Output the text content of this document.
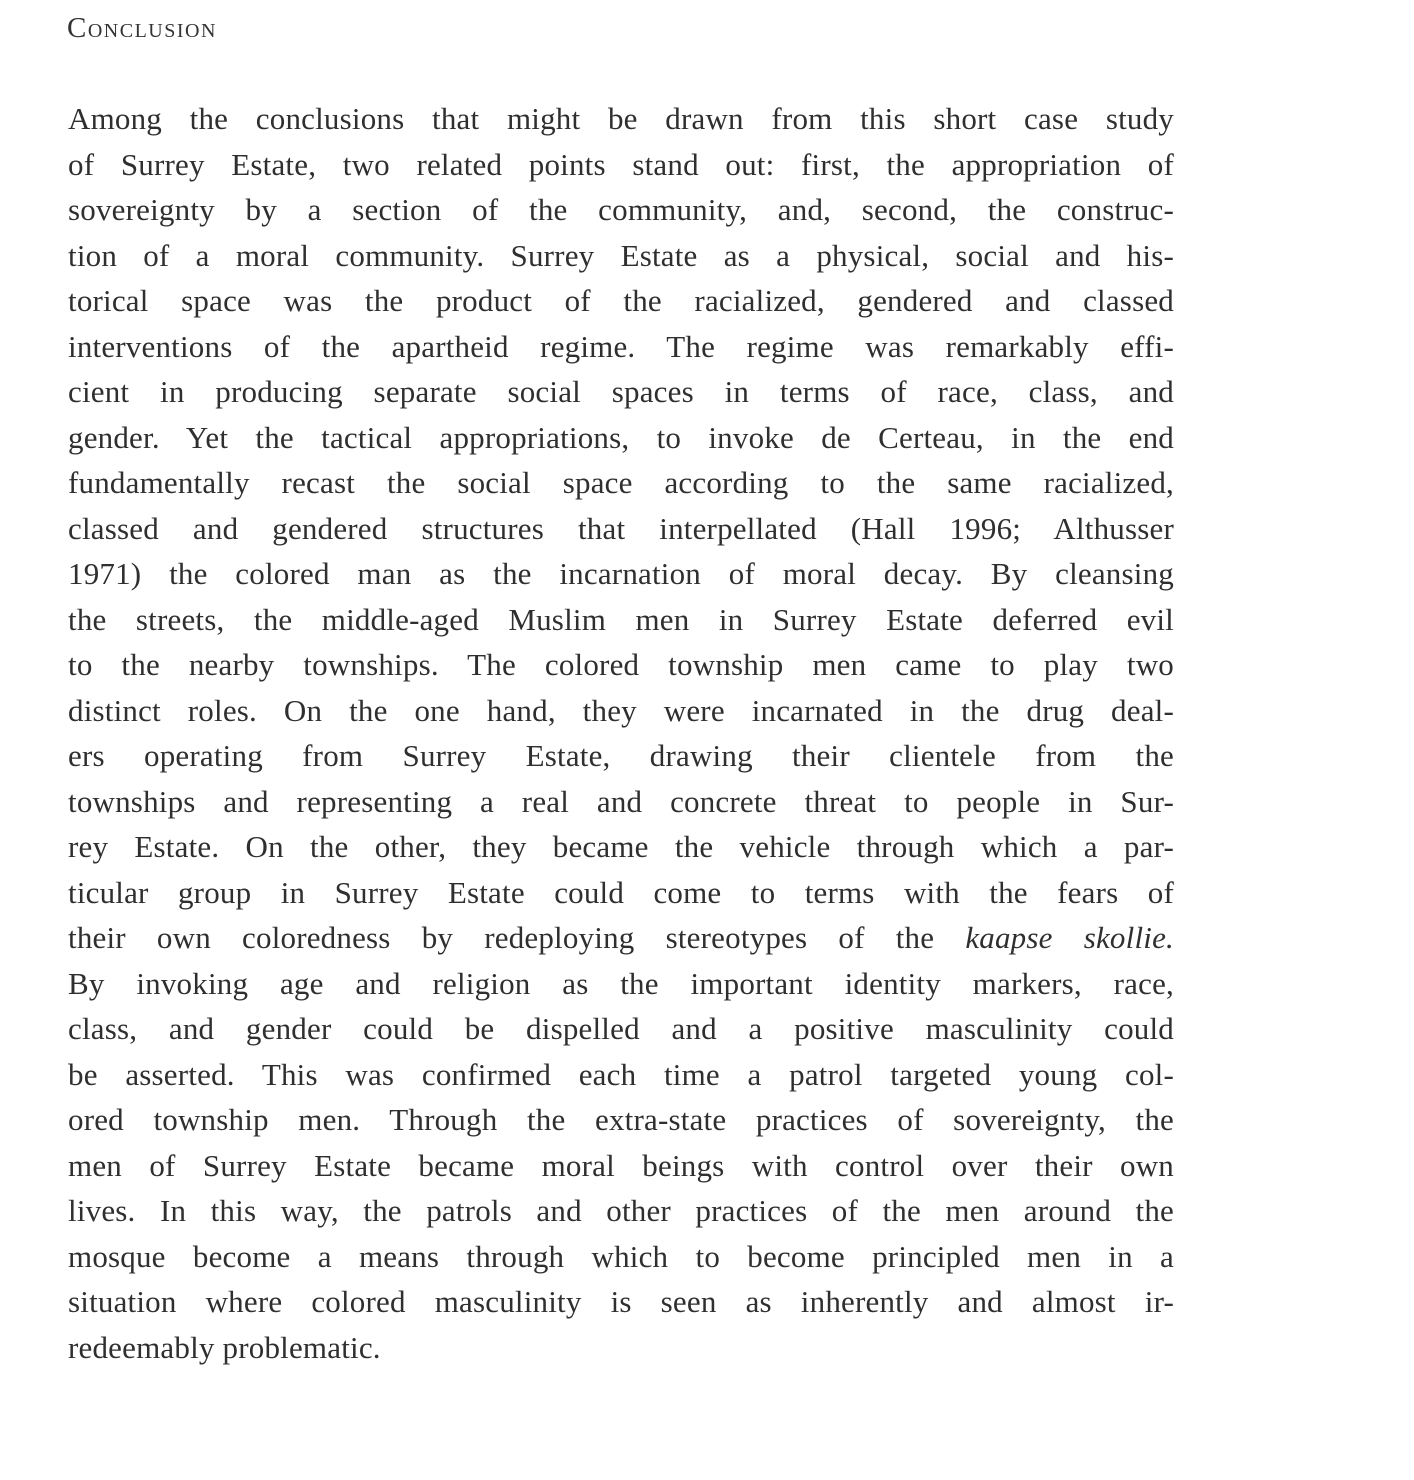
Conclusion
Among the conclusions that might be drawn from this short case study
of Surrey Estate, two related points stand out: first, the appropriation of
sovereignty by a section of the community, and, second, the construc-
tion of a moral community. Surrey Estate as a physical, social and his-
torical space was the product of the racialized, gendered and classed
interventions of the apartheid regime. The regime was remarkably effi-
cient in producing separate social spaces in terms of race, class, and
gender. Yet the tactical appropriations, to invoke de Certeau, in the end
fundamentally recast the social space according to the same racialized,
classed and gendered structures that interpellated (Hall 1996; Althusser
1971) the colored man as the incarnation of moral decay. By cleansing
the streets, the middle-aged Muslim men in Surrey Estate deferred evil
to the nearby townships. The colored township men came to play two
distinct roles. On the one hand, they were incarnated in the drug deal-
ers operating from Surrey Estate, drawing their clientele from the
townships and representing a real and concrete threat to people in Sur-
rey Estate. On the other, they became the vehicle through which a par-
ticular group in Surrey Estate could come to terms with the fears of
their own coloredness by redeploying stereotypes of the kaapse skollie.
By invoking age and religion as the important identity markers, race,
class, and gender could be dispelled and a positive masculinity could
be asserted. This was confirmed each time a patrol targeted young col-
ored township men. Through the extra-state practices of sovereignty, the
men of Surrey Estate became moral beings with control over their own
lives. In this way, the patrols and other practices of the men around the
mosque become a means through which to become principled men in a
situation where colored masculinity is seen as inherently and almost ir-
redeemably problematic.
